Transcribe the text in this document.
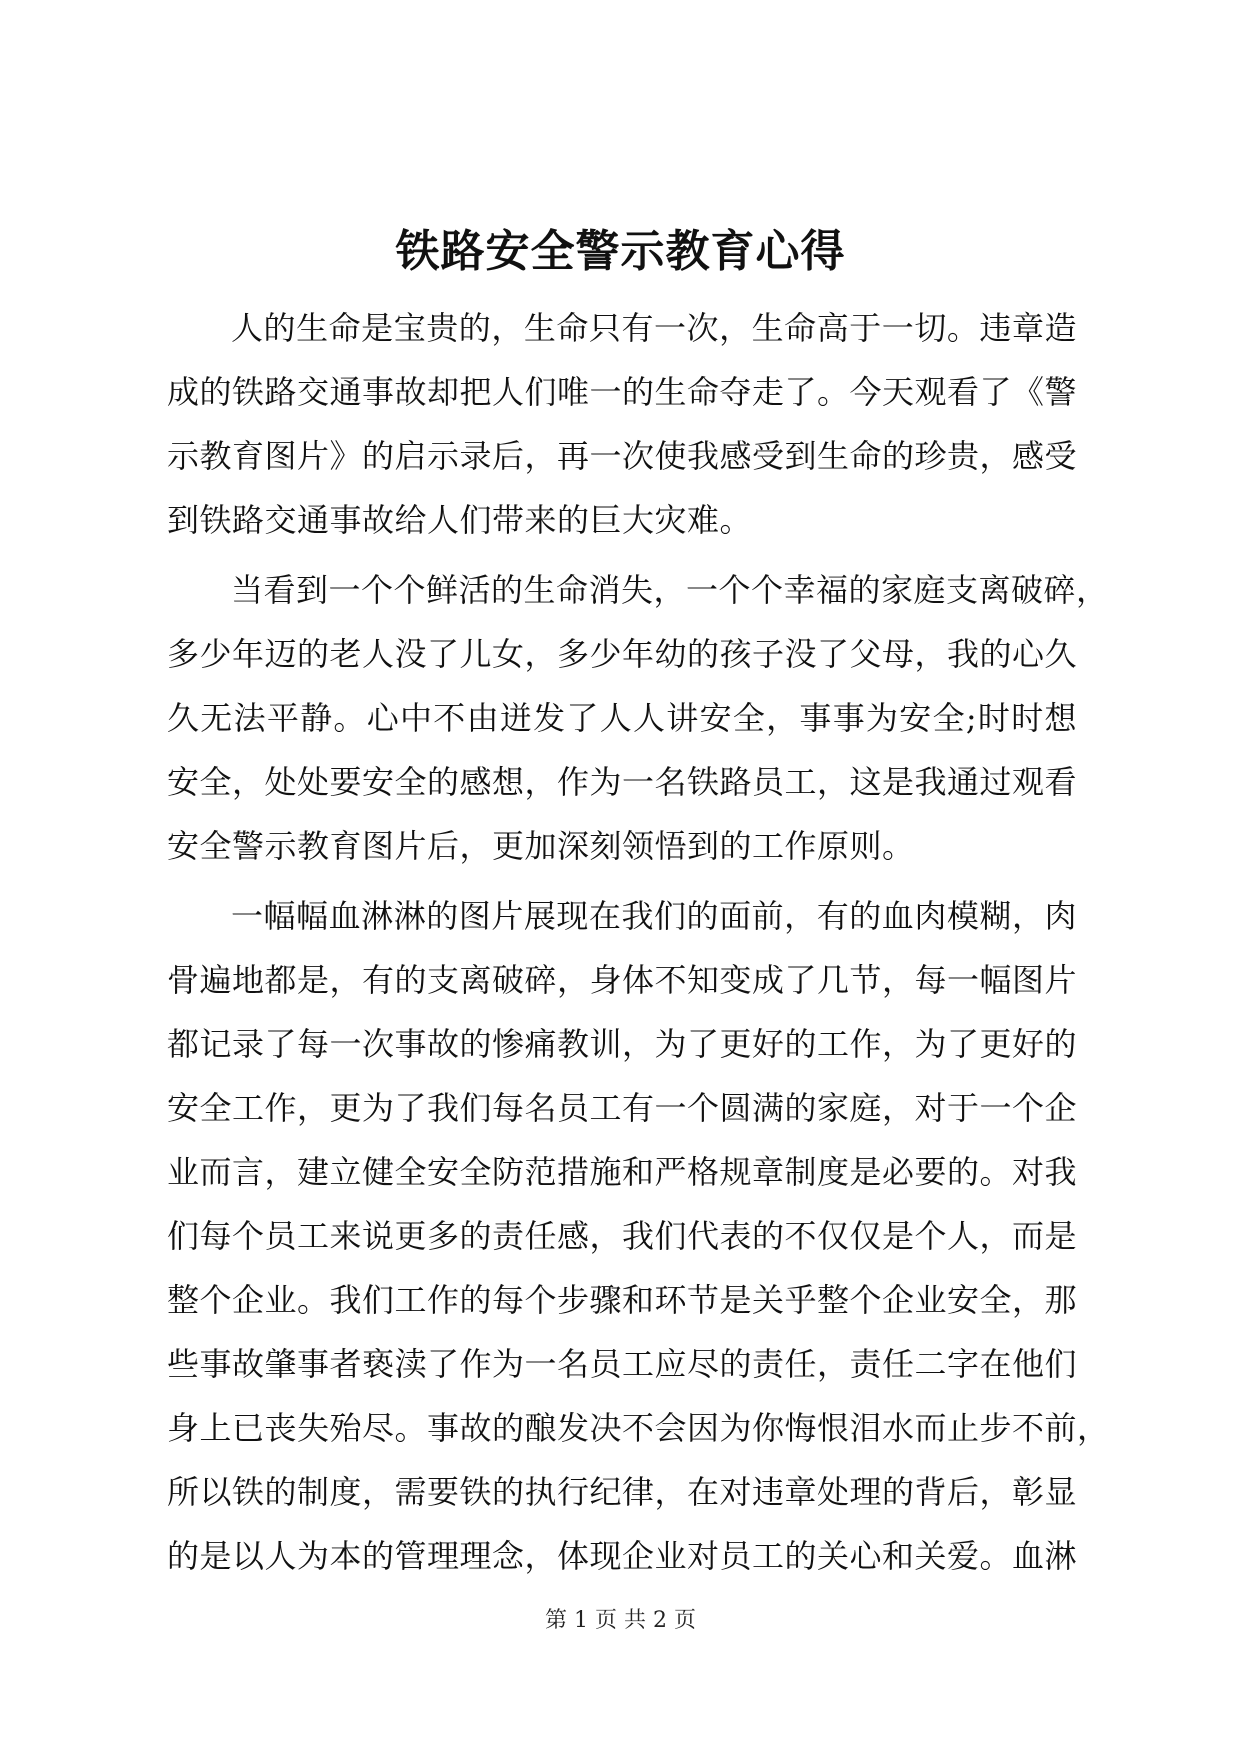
铁路安全警示教育心得
人的生命是宝贵的，生命只有一次，生命高于一切。违章造
成的铁路交通事故却把人们唯一的生命夺走了。今天观看了《警
示教育图片》的启示录后，再一次使我感受到生命的珍贵，感受
到铁路交通事故给人们带来的巨大灾难。
当看到一个个鲜活的生命消失，一个个幸福的家庭支离破碎，
多少年迈的老人没了儿女，多少年幼的孩子没了父母，我的心久
久无法平静。心中不由迸发了人人讲安全，事事为安全;时时想
安全，处处要安全的感想，作为一名铁路员工，这是我通过观看
安全警示教育图片后，更加深刻领悟到的工作原则。
一幅幅血淋淋的图片展现在我们的面前，有的血肉模糊，肉
骨遍地都是，有的支离破碎，身体不知变成了几节，每一幅图片
都记录了每一次事故的惨痛教训，为了更好的工作，为了更好的
安全工作，更为了我们每名员工有一个圆满的家庭，对于一个企
业而言，建立健全安全防范措施和严格规章制度是必要的。对我
们每个员工来说更多的责任感，我们代表的不仅仅是个人，而是
整个企业。我们工作的每个步骤和环节是关乎整个企业安全，那
些事故肇事者亵渎了作为一名员工应尽的责任，责任二字在他们
身上已丧失殆尽。事故的酿发决不会因为你悔恨泪水而止步不前，
所以铁的制度，需要铁的执行纪律，在对违章处理的背后，彰显
的是以人为本的管理理念，体现企业对员工的关心和关爱。血淋
第 1 页 共 2 页
